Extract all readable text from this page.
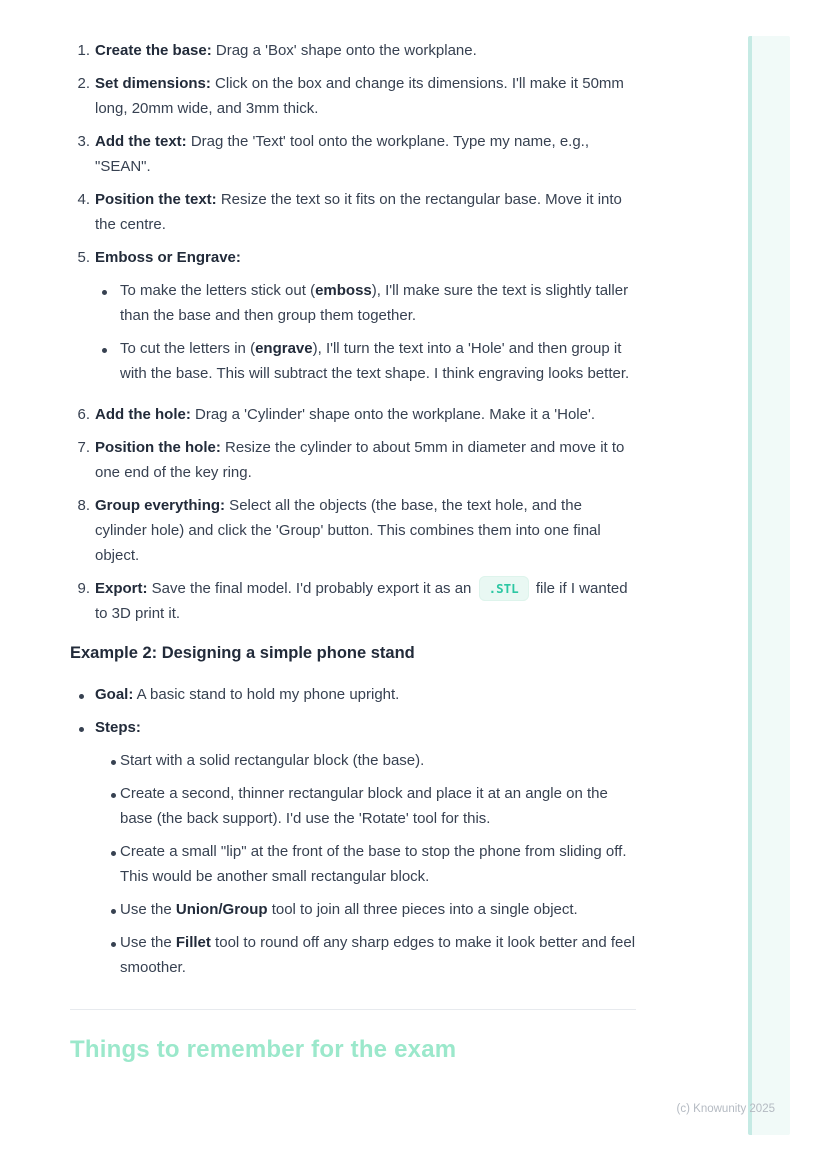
1. Create the base: Drag a 'Box' shape onto the workplane.
2. Set dimensions: Click on the box and change its dimensions. I'll make it 50mm long, 20mm wide, and 3mm thick.
3. Add the text: Drag the 'Text' tool onto the workplane. Type my name, e.g., "SEAN".
4. Position the text: Resize the text so it fits on the rectangular base. Move it into the centre.
5. Emboss or Engrave:
To make the letters stick out (emboss), I'll make sure the text is slightly taller than the base and then group them together.
To cut the letters in (engrave), I'll turn the text into a 'Hole' and then group it with the base. This will subtract the text shape. I think engraving looks better.
6. Add the hole: Drag a 'Cylinder' shape onto the workplane. Make it a 'Hole'.
7. Position the hole: Resize the cylinder to about 5mm in diameter and move it to one end of the key ring.
8. Group everything: Select all the objects (the base, the text hole, and the cylinder hole) and click the 'Group' button. This combines them into one final object.
9. Export: Save the final model. I'd probably export it as an .STL file if I wanted to 3D print it.
Example 2: Designing a simple phone stand
Goal: A basic stand to hold my phone upright.
Steps:
Start with a solid rectangular block (the base).
Create a second, thinner rectangular block and place it at an angle on the base (the back support). I'd use the 'Rotate' tool for this.
Create a small "lip" at the front of the base to stop the phone from sliding off. This would be another small rectangular block.
Use the Union/Group tool to join all three pieces into a single object.
Use the Fillet tool to round off any sharp edges to make it look better and feel smoother.
Things to remember for the exam
(c) Knowunity 2025
